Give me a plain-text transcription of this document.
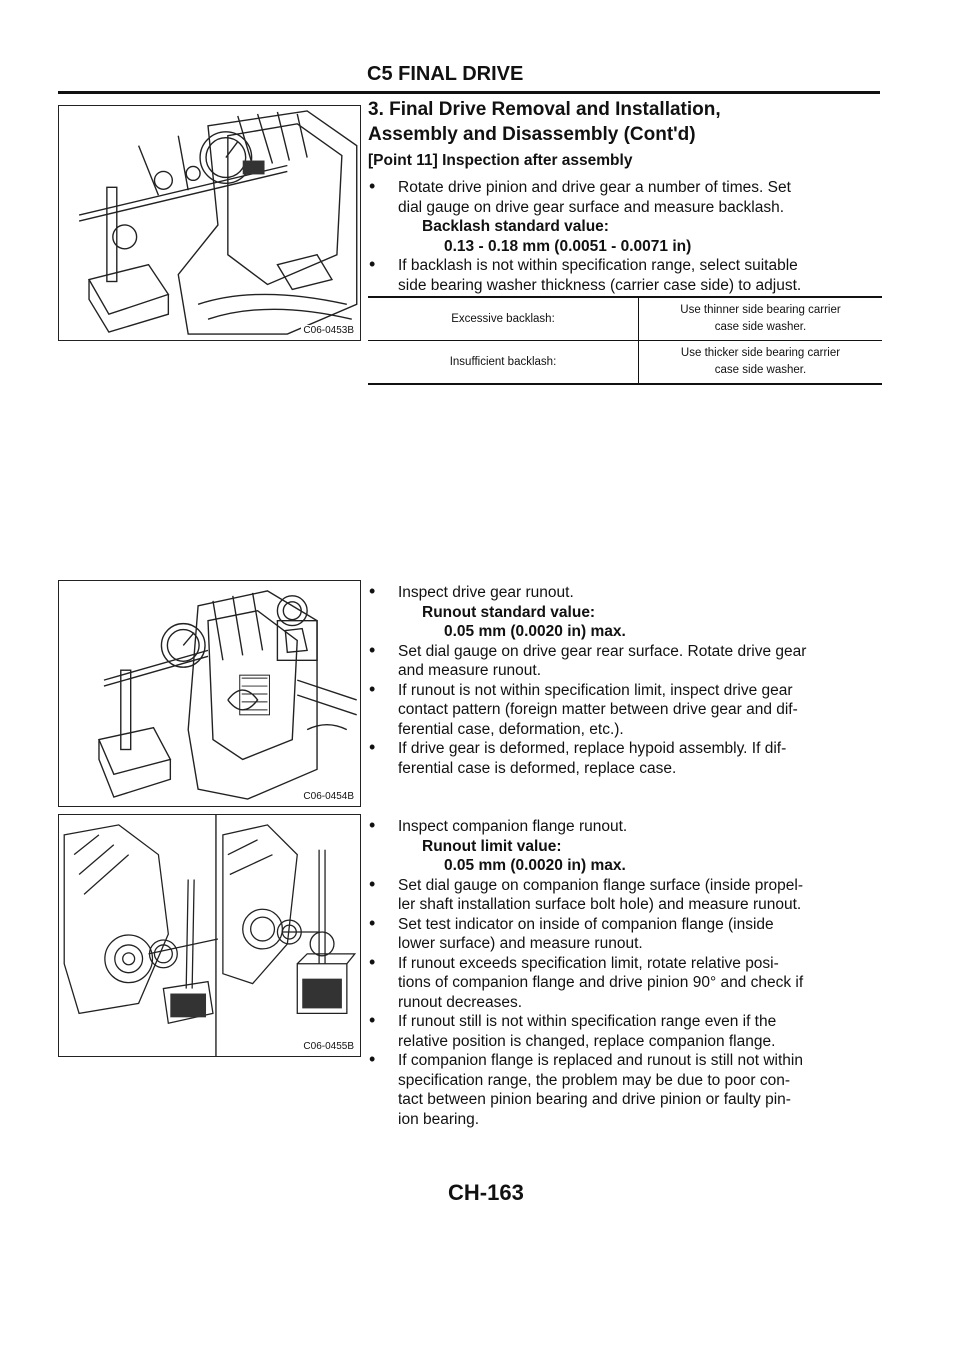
C06-0453B
C06-0454B
C06-0455B
C5 FINAL DRIVE
3. Final Drive Removal and Installation,
Assembly and Disassembly (Cont'd)
[Point 11] Inspection after assembly
• Rotate drive pinion and drive gear a number of times. Set
dial gauge on drive gear surface and measure backlash.
Backlash standard value:
0.13 - 0.18 mm (0.0051 - 0.0071 in)
• If backlash is not within specification range, select suitable
side bearing washer thickness (carrier case side) to adjust.
Excessive backlash:	Use thinner side bearing carrier
case side washer.

Insufficient backlash:	Use thicker side bearing carrier
case side washer.
• Inspect drive gear runout.
Runout standard value:
0.05 mm (0.0020 in) max.
• Set dial gauge on drive gear rear surface. Rotate drive gear
and measure runout.
• If runout is not within specification limit, inspect drive gear
contact pattern (foreign matter between drive gear and dif-
ferential case, deformation, etc.).
• If drive gear is deformed, replace hypoid assembly. If dif-
ferential case is deformed, replace case.
• Inspect companion flange runout.
Runout limit value:
0.05 mm (0.0020 in) max.
• Set dial gauge on companion flange surface (inside propel-
ler shaft installation surface bolt hole) and measure runout.
• Set test indicator on inside of companion flange (inside
lower surface) and measure runout.
• If runout exceeds specification limit, rotate relative posi-
tions of companion flange and drive pinion 90° and check if
runout decreases.
• If runout still is not within specification range even if the
relative position is changed, replace companion flange.
• If companion flange is replaced and runout is still not within
specification range, the problem may be due to poor con-
tact between pinion bearing and drive pinion or faulty pin-
ion bearing.
CH-163
